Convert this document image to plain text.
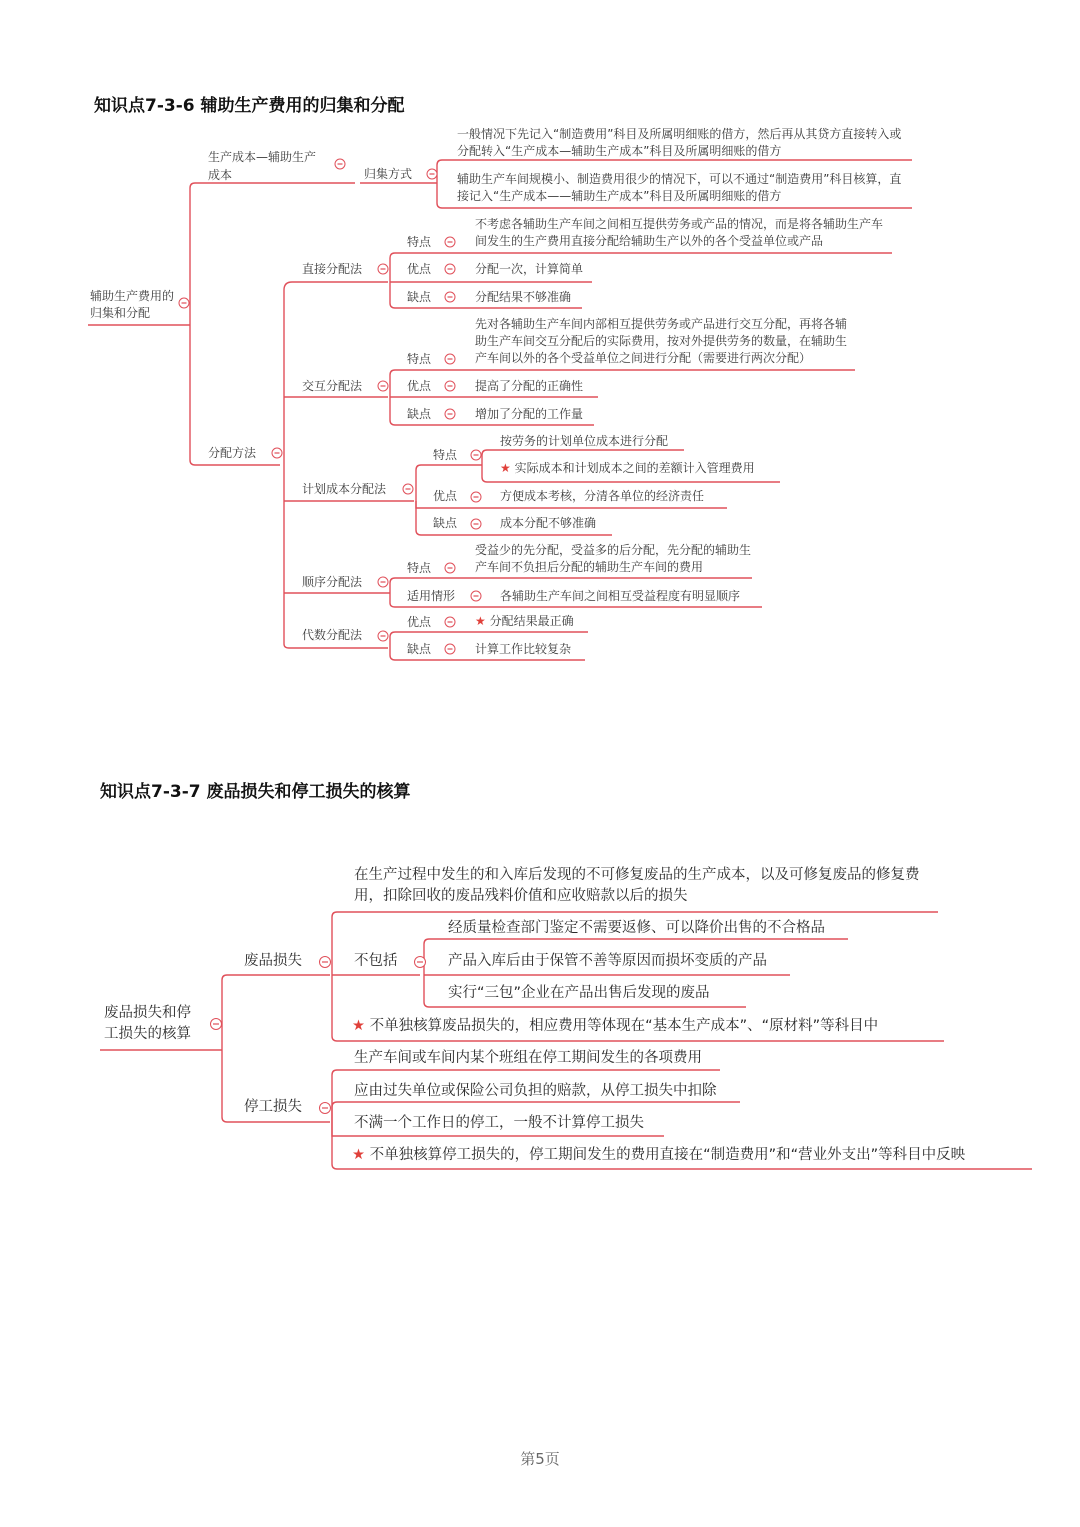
知识点7-3-6 辅助生产费用的归集和分配
辅助生产费用的归集和分配
生产成本—辅助生产成本	归集方式
一般情况下先记入“制造费用”科目及所属明细账的借方，然后再从其贷方直接转入或分配转入“生产成本—辅助生产成本”科目及所属明细账的借方
辅助生产车间规模小、制造费用很少的情况下，可以不通过“制造费用”科目核算，直接记入“生产成本——辅助生产成本”科目及所属明细账的借方
分配方法
直接分配法
特点
不考虑各辅助生产车间之间相互提供劳务或产品的情况，而是将各辅助生产车间发生的生产费用直接分配给辅助生产以外的各个受益单位或产品
优点	分配一次，计算简单
缺点	分配结果不够准确
交互分配法
特点
先对各辅助生产车间内部相互提供劳务或产品进行交互分配，再将各辅助生产车间交互分配后的实际费用，按对外提供劳务的数量，在辅助生产车间以外的各个受益单位之间进行分配（需要进行两次分配）
优点	提高了分配的正确性
缺点	增加了分配的工作量
计划成本分配法
特点
按劳务的计划单位成本进行分配
★ 实际成本和计划成本之间的差额计入管理费用
优点	方便成本考核，分清各单位的经济责任
缺点	成本分配不够准确
顺序分配法
特点
受益少的先分配，受益多的后分配，先分配的辅助生产车间不负担后分配的辅助生产车间的费用
适用情形	各辅助生产车间之间相互受益程度有明显顺序
代数分配法
优点	★ 分配结果最正确
缺点	计算工作比较复杂
知识点7-3-7 废品损失和停工损失的核算
废品损失和停工损失的核算
废品损失
在生产过程中发生的和入库后发现的不可修复废品的生产成本，以及可修复废品的修复费用，扣除回收的废品残料价值和应收赔款以后的损失
不包括
经质量检查部门鉴定不需要返修、可以降价出售的不合格品
产品入库后由于保管不善等原因而损坏变质的产品
实行“三包”企业在产品出售后发现的废品
★ 不单独核算废品损失的，相应费用等体现在“基本生产成本”、“原材料”等科目中
停工损失
生产车间或车间内某个班组在停工期间发生的各项费用
应由过失单位或保险公司负担的赔款，从停工损失中扣除
不满一个工作日的停工，一般不计算停工损失
★ 不单独核算停工损失的，停工期间发生的费用直接在“制造费用”和“营业外支出”等科目中反映
第5页
